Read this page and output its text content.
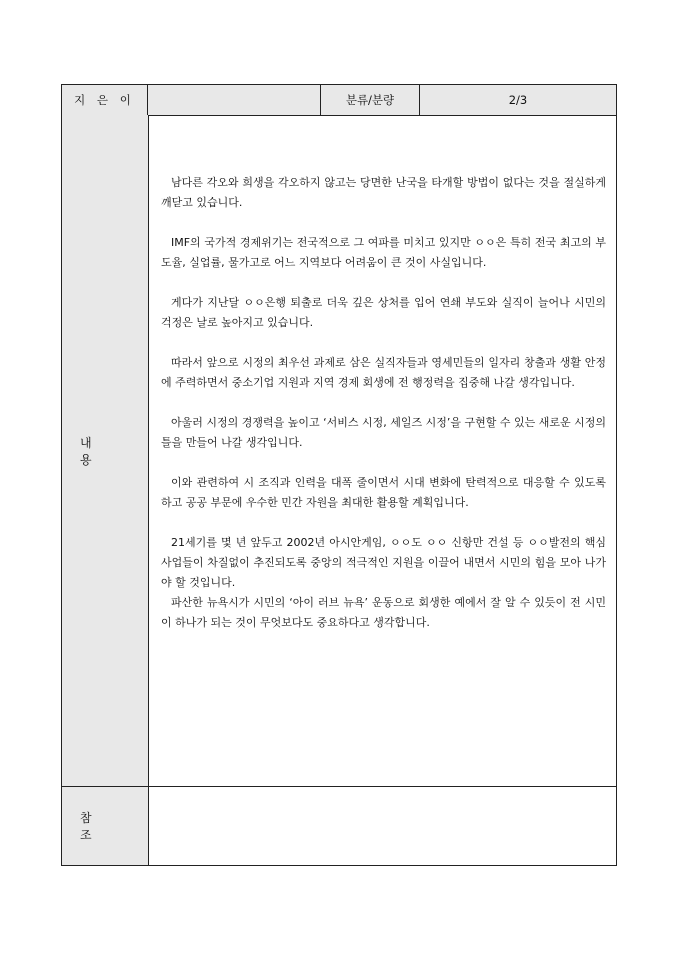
지 은 이	분류/분량	2/3
내 용

남다른 각오와 희생을 각오하지 않고는 당면한 난국을 타개할 방법이 없다는 것을 절실하게 깨닫고 있습니다.

IMF의 국가적 경제위기는 전국적으로 그 여파를 미치고 있지만 ㅇㅇ은 특히 전국 최고의 부도율, 실업률, 물가고로 어느 지역보다 어려움이 큰 것이 사실입니다.

게다가 지난달 ㅇㅇ은행 퇴출로 더욱 깊은 상처를 입어 연쇄 부도와 실직이 늘어나 시민의 걱정은 날로 높아지고 있습니다.

따라서 앞으로 시정의 최우선 과제로 삼은 실직자들과 영세민들의 일자리 창출과 생활 안정에 주력하면서 중소기업 지원과 지역 경제 회생에 전 행정력을 집중해 나갈 생각입니다.

아울러 시정의 경쟁력을 높이고 ‘서비스 시정, 세일즈 시정’을 구현할 수 있는 새로운 시정의 틀을 만들어 나갈 생각입니다.

이와 관련하여 시 조직과 인력을 대폭 줄이면서 시대 변화에 탄력적으로 대응할 수 있도록 하고 공공 부문에 우수한 민간 자원을 최대한 활용할 계획입니다.

21세기를 몇 년 앞두고 2002년 아시안게임, ㅇㅇ도 ㅇㅇ 신항만 건설 등 ㅇㅇ발전의 핵심사업들이 차질없이 추진되도록 중앙의 적극적인 지원을 이끌어 내면서 시민의 힘을 모아 나가야 할 것입니다.

파산한 뉴욕시가 시민의 ‘아이 러브 뉴욕’ 운동으로 회생한 예에서 잘 알 수 있듯이 전 시민이 하나가 되는 것이 무엇보다도 중요하다고 생각합니다.

참 조
